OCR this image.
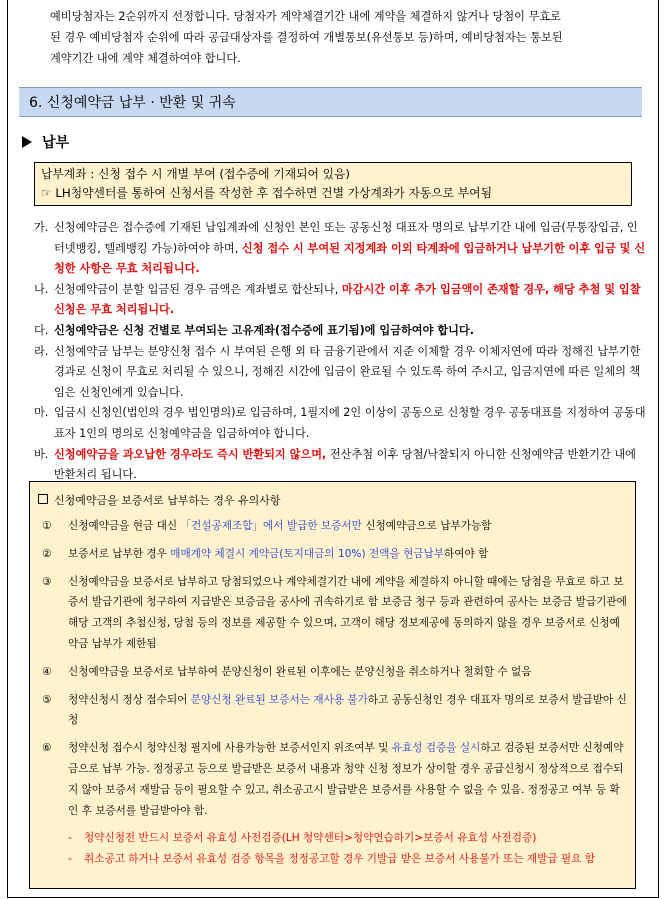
예비당첨자는 2순위까지 선정합니다. 당첨자가 계약체결기간 내에 계약을 체결하지 않거나 당첨이 무효로
된 경우 예비당첨자 순위에 따라 공급대상자를 결정하여 개별통보(유선통보 등)하며, 예비당첨자는 통보된
계약기간 내에 계약 체결하여야 합니다.
6. 신청예약금 납부 · 반환 및 귀속
납부
납부계좌 : 신청 접수 시 개별 부여 (접수증에 기재되어 있음)
☞ LH청약센터를 통하여 신청서를 작성한 후 접수하면 건별 가상계좌가 자동으로 부여됨
가. 신청예약금은 접수증에 기재된 납입계좌에 신청인 본인 또는 공동신청 대표자 명의로 납부기간 내에 입금(무통장입금, 인터넷뱅킹, 텔레뱅킹 가능)하여야 하며, 신청 접수 시 부여된 지정계좌 이외 타계좌에 입금하거나 납부기한 이후 입금 및 신청한 사항은 무효 처리됩니다.
나. 신청예약금이 분할 입금된 경우 금액은 계좌별로 합산되나, 마감시간 이후 추가 입금액이 존재할 경우, 해당 추첨 및 입찰신청은 무효 처리됩니다.
다. 신청예약금은 신청 건별로 부여되는 고유계좌(접수증에 표기됨)에 입금하여야 합니다.
라. 신청예약금 납부는 분양신청 접수 시 부여된 은행 외 타 금융기관에서 지준 이체할 경우 이체지연에 따라 정해진 납부기한 경과로 신청이 무효로 처리될 수 있으니, 정해진 시간에 입금이 완료될 수 있도록 하여 주시고, 입금지연에 따른 일체의 책임은 신청인에게 있습니다.
마. 입금시 신청인(법인의 경우 법인명의)로 입금하며, 1필지에 2인 이상이 공동으로 신청할 경우 공동대표를 지정하여 공동대표자 1인의 명의로 신청예약금을 입금하여야 합니다.
바. 신청예약금을 과오납한 경우라도 즉시 반환되지 않으며, 전산추첨 이후 당첨/낙찰되지 아니한 신청예약금 반환기간 내에 반환처리 됩니다.
신청예약금을 보증서로 납부하는 경우 유의사항
①	신청예약금을 현금 대신 「건설공제조합」에서 발급한 보증서만 신청예약금으로 납부가능함
②	보증서로 납부한 경우 매매계약 체결시 계약금(토지대금의 10%) 전액을 현금납부하여야 함
③	신청예약금을 보증서로 납부하고 당첨되었으나 계약체결기간 내에 계약을 체결하지 아니할 때에는 당첨을 무효로 하고 보증서 발급기관에 청구하여 지급받은 보증금을 공사에 귀속하기로 함 보증금 청구 등과 관련하여 공사는 보증금 발급기관에 해당 고객의 추첨신청, 당첨 등의 정보를 제공할 수 있으며, 고객이 해당 정보제공에 동의하지 않을 경우 보증서로 신청예약금 납부가 제한됨
④	신청예약금을 보증서로 납부하여 분양신청이 완료된 이후에는 분양신청을 취소하거나 철회할 수 없음
⑤	청약신청시 정상 접수되어 분양신청 완료된 보증서는 재사용 불가하고 공동신청인 경우 대표자 명의로 보증서 발급받아 신청
⑥	청약신청 접수시 청약신청 필지에 사용가능한 보증서인지 위조여부 및 유효성 검증을 실시하고 검증된 보증서만 신청예약금으로 납부 가능. 정정공고 등으로 발급받은 보증서 내용과 청약 신청 정보가 상이할 경우 공급신청시 정상적으로 접수되지 않아 보증서 재발급 등이 필요할 수 있고, 취소공고시 발급받은 보증서를 사용할 수 없을 수 있음. 정정공고 여부 등 확인 후 보증서를 발급받아야 함.
-	청약신청전 반드시 보증서 유효성 사전검증(LH 청약센터>청약연습하기>보증서 유효성 사전검증)
-	취소공고 하거나 보증서 유효성 검증 항목을 정정공고할 경우 기발급 받은 보증서 사용불가 또는 재발급 필요 함
